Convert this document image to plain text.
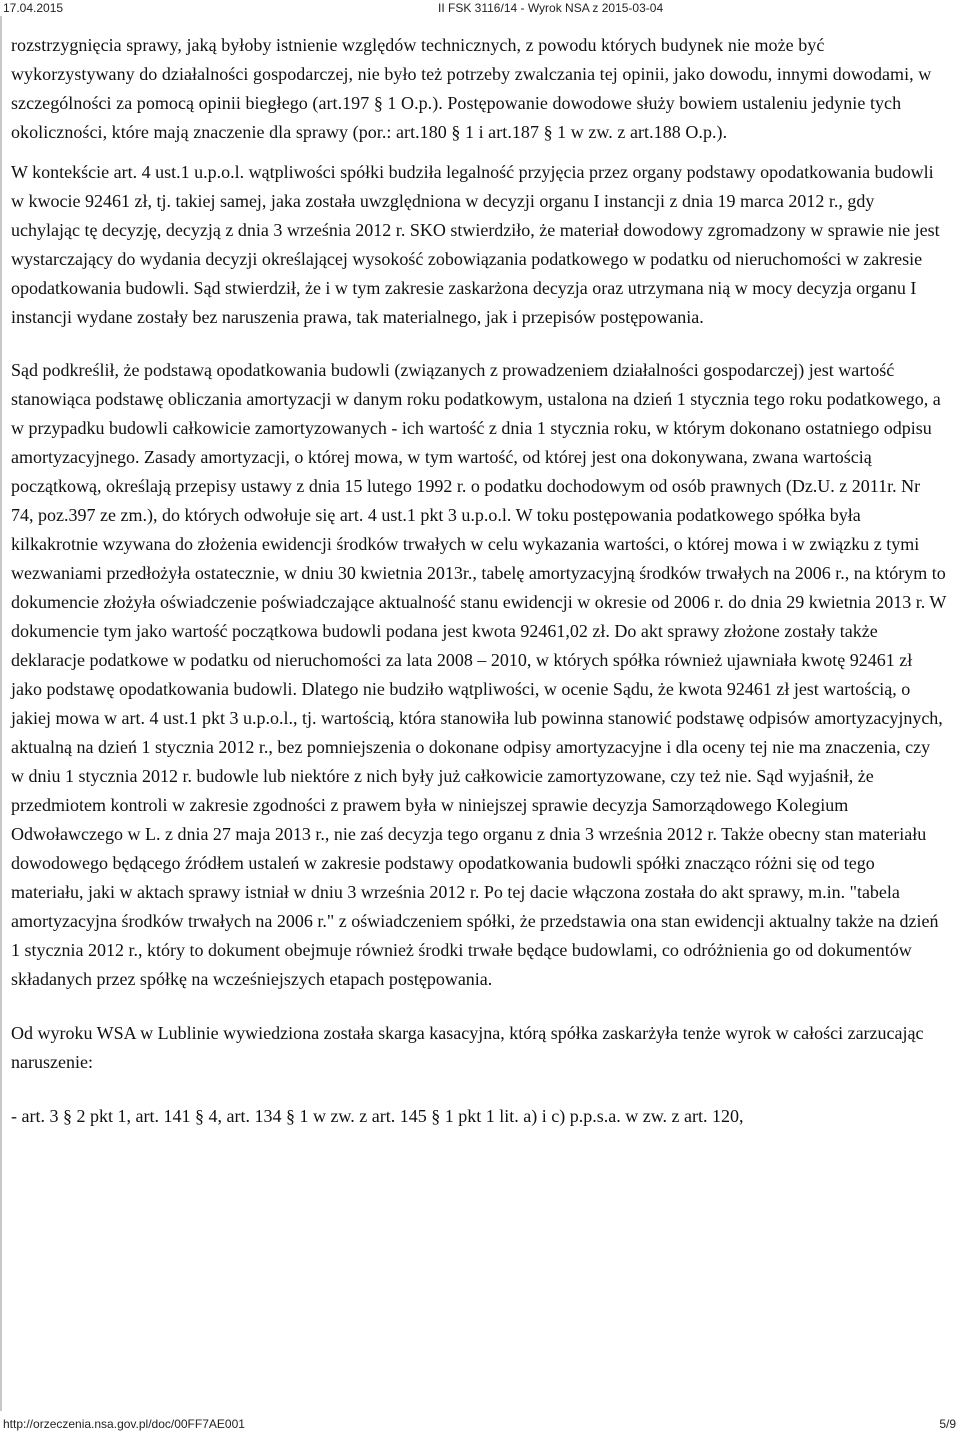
17.04.2015	II FSK 3116/14 - Wyrok NSA z 2015-03-04

rozstrzygnięcia sprawy, jaką byłoby istnienie względów technicznych, z powodu których budynek nie może być wykorzystywany do działalności gospodarczej, nie było też potrzeby zwalczania tej opinii, jako dowodu, innymi dowodami, w szczególności za pomocą opinii biegłego (art.197 § 1 O.p.). Postępowanie dowodowe służy bowiem ustaleniu jedynie tych okoliczności, które mają znaczenie dla sprawy (por.: art.180 § 1 i art.187 § 1 w zw. z art.188 O.p.).

W kontekście art. 4 ust.1 u.p.o.l. wątpliwości spółki budziła legalność przyjęcia przez organy podstawy opodatkowania budowli w kwocie 92461 zł, tj. takiej samej, jaka została uwzględniona w decyzji organu I instancji z dnia 19 marca 2012 r., gdy uchylając tę decyzję, decyzją z dnia 3 września 2012 r. SKO stwierdziło, że materiał dowodowy zgromadzony w sprawie nie jest wystarczający do wydania decyzji określającej wysokość zobowiązania podatkowego w podatku od nieruchomości w zakresie opodatkowania budowli. Sąd stwierdził, że i w tym zakresie zaskarżona decyzja oraz utrzymana nią w mocy decyzja organu I instancji wydane zostały bez naruszenia prawa, tak materialnego, jak i przepisów postępowania.

Sąd podkreślił, że podstawą opodatkowania budowli (związanych z prowadzeniem działalności gospodarczej) jest wartość stanowiąca podstawę obliczania amortyzacji w danym roku podatkowym, ustalona na dzień 1 stycznia tego roku podatkowego, a w przypadku budowli całkowicie zamortyzowanych - ich wartość z dnia 1 stycznia roku, w którym dokonano ostatniego odpisu amortyzacyjnego. Zasady amortyzacji, o której mowa, w tym wartość, od której jest ona dokonywana, zwana wartością początkową, określają przepisy ustawy z dnia 15 lutego 1992 r. o podatku dochodowym od osób prawnych (Dz.U. z 2011r. Nr 74, poz.397 ze zm.), do których odwołuje się art. 4 ust.1 pkt 3 u.p.o.l. W toku postępowania podatkowego spółka była kilkakrotnie wzywana do złożenia ewidencji środków trwałych w celu wykazania wartości, o której mowa i w związku z tymi wezwaniami przedłożyła ostatecznie, w dniu 30 kwietnia 2013r., tabelę amortyzacyjną środków trwałych na 2006 r., na którym to dokumencie złożyła oświadczenie poświadczające aktualność stanu ewidencji w okresie od 2006 r. do dnia 29 kwietnia 2013 r. W dokumencie tym jako wartość początkowa budowli podana jest kwota 92461,02 zł. Do akt sprawy złożone zostały także deklaracje podatkowe w podatku od nieruchomości za lata 2008 – 2010, w których spółka również ujawniała kwotę 92461 zł jako podstawę opodatkowania budowli. Dlatego nie budziło wątpliwości, w ocenie Sądu, że kwota 92461 zł jest wartością, o jakiej mowa w art. 4 ust.1 pkt 3 u.p.o.l., tj. wartością, która stanowiła lub powinna stanowić podstawę odpisów amortyzacyjnych, aktualną na dzień 1 stycznia 2012 r., bez pomniejszenia o dokonane odpisy amortyzacyjne i dla oceny tej nie ma znaczenia, czy w dniu 1 stycznia 2012 r. budowle lub niektóre z nich były już całkowicie zamortyzowane, czy też nie. Sąd wyjaśnił, że przedmiotem kontroli w zakresie zgodności z prawem była w niniejszej sprawie decyzja Samorządowego Kolegium Odwoławczego w L. z dnia 27 maja 2013 r., nie zaś decyzja tego organu z dnia 3 września 2012 r. Także obecny stan materiału dowodowego będącego źródłem ustaleń w zakresie podstawy opodatkowania budowli spółki znacząco różni się od tego materiału, jaki w aktach sprawy istniał w dniu 3 września 2012 r. Po tej dacie włączona została do akt sprawy, m.in. "tabela amortyzacyjna środków trwałych na 2006 r." z oświadczeniem spółki, że przedstawia ona stan ewidencji aktualny także na dzień 1 stycznia 2012 r., który to dokument obejmuje również środki trwałe będące budowlami, co odróżnienia go od dokumentów składanych przez spółkę na wcześniejszych etapach postępowania.

Od wyroku WSA w Lublinie wywiedziona została skarga kasacyjna, którą spółka zaskarżyła tenże wyrok w całości zarzucając naruszenie:

- art. 3 § 2 pkt 1, art. 141 § 4, art. 134 § 1 w zw. z art. 145 § 1 pkt 1 lit. a) i c) p.p.s.a. w zw. z art. 120,

http://orzeczenia.nsa.gov.pl/doc/00FF7AE001	5/9
